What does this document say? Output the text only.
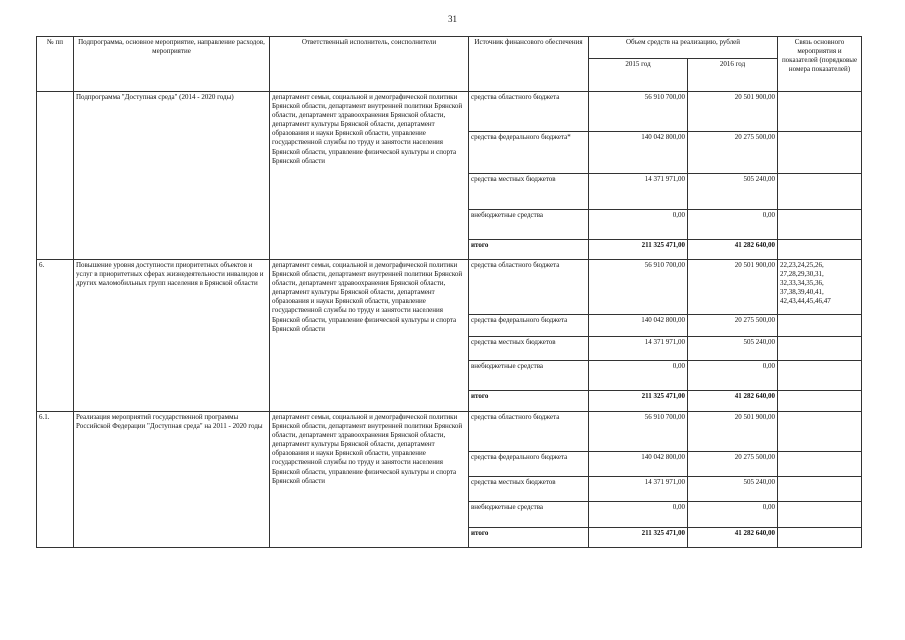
31
№ пп	Подпрограмма, основное мероприятие, направление расходов, мероприятие	Ответственный исполнитель, соисполнители	Источник финансового обеспечения	Объем средств на реализацию, рублей		Связь основного мероприятия и показателей (порядковые номера показателей)
				2015 год	2016 год	
	Подпрограмма "Доступная среда" (2014 - 2020 годы)	департамент семьи, социальной и демографической политики Брянской области, департамент внутренней политики Брянской области, департамент здравоохранения Брянской области, департамент культуры Брянской области, департамент образования и науки Брянской области, управление государственной службы по труду и занятости населения Брянской области, управление физической культуры и спорта Брянской области	средства областного бюджета	56 910 700,00	20 501 900,00	
			средства федерального бюджета*	140 042 800,00	20 275 500,00	
			средства местных бюджетов	14 371 971,00	505 240,00	
			внебюджетные средства	0,00	0,00	
			итого	211 325 471,00	41 282 640,00	
6.	Повышение уровня доступности приоритетных объектов и услуг в приоритетных сферах жизнедеятельности инвалидов и других маломобильных групп населения в Брянской области	департамент семьи, социальной и демографической политики Брянской области, департамент внутренней политики Брянской области, департамент здравоохранения Брянской области, департамент культуры Брянской области, департамент образования и науки Брянской области, управление государственной службы по труду и занятости населения Брянской области, управление физической культуры и спорта Брянской области	средства областного бюджета	56 910 700,00	20 501 900,00	22,23,24,25,26, 27,28,29,30,31, 32,33,34,35,36, 37,38,39,40,41, 42,43,44,45,46,47
			средства федерального бюджета	140 042 800,00	20 275 500,00	
			средства местных бюджетов	14 371 971,00	505 240,00	
			внебюджетные средства	0,00	0,00	
			итого	211 325 471,00	41 282 640,00	
6.1.	Реализация мероприятий государственной программы Российской Федерации "Доступная среда" на 2011 - 2020 годы	департамент семьи, социальной и демографической политики Брянской области, департамент внутренней политики Брянской области, департамент здравоохранения Брянской области, департамент культуры Брянской области, департамент образования и науки Брянской области, управление государственной службы по труду и занятости населения Брянской области, управление физической культуры и спорта Брянской области	средства областного бюджета	56 910 700,00	20 501 900,00	
			средства федерального бюджета	140 042 800,00	20 275 500,00	
			средства местных бюджетов	14 371 971,00	505 240,00	
			внебюджетные средства	0,00	0,00	
			итого	211 325 471,00	41 282 640,00	
